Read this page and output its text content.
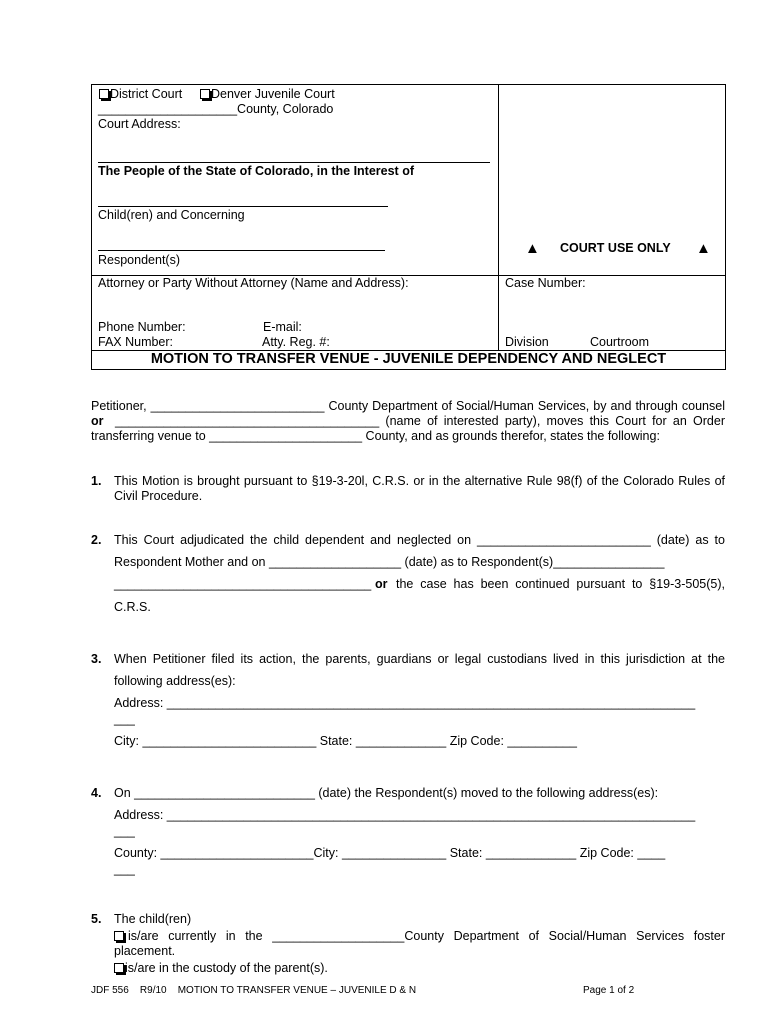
District Court	Denver Juvenile Court
____________________County, Colorado
Court Address:
The People of the State of Colorado, in the Interest of
Child(ren) and Concerning
Respondent(s)
▲ COURT USE ONLY ▲
Attorney or Party Without Attorney (Name and Address):
Phone Number:	E-mail:
FAX Number:	Atty. Reg. #:
Case Number:
Division	Courtroom
MOTION TO TRANSFER VENUE - JUVENILE DEPENDENCY AND NEGLECT
Petitioner, _________________________ County Department of Social/Human Services, by and through counsel
or ______________________________________ (name of interested party), moves this Court for an Order
transferring venue to ______________________ County, and as grounds therefor, states the following:
1. This Motion is brought pursuant to §19-3-20l, C.R.S. or in the alternative Rule 98(f) of the Colorado Rules of
Civil Procedure.
2. This Court adjudicated the child dependent and neglected on _________________________ (date) as to
Respondent Mother and on ___________________ (date) as to Respondent(s)________________
_____________________________________ or the case has been continued pursuant to §19-3-505(5),
C.R.S.
3. When Petitioner filed its action, the parents, guardians or legal custodians lived in this jurisdiction at the
following address(es):
Address: ____________________________________________________________________________
___
City: _________________________ State: _____________ Zip Code: __________
4. On __________________________ (date) the Respondent(s) moved to the following address(es):
Address: ____________________________________________________________________________
___
County: ______________________City: _______________ State: _____________ Zip Code: ____
___
5. The child(ren)
is/are currently in the ___________________County Department of Social/Human Services foster
placement.
is/are in the custody of the parent(s).
JDF 556    R9/10    MOTION TO TRANSFER VENUE – JUVENILE D & N	Page 1 of 2
